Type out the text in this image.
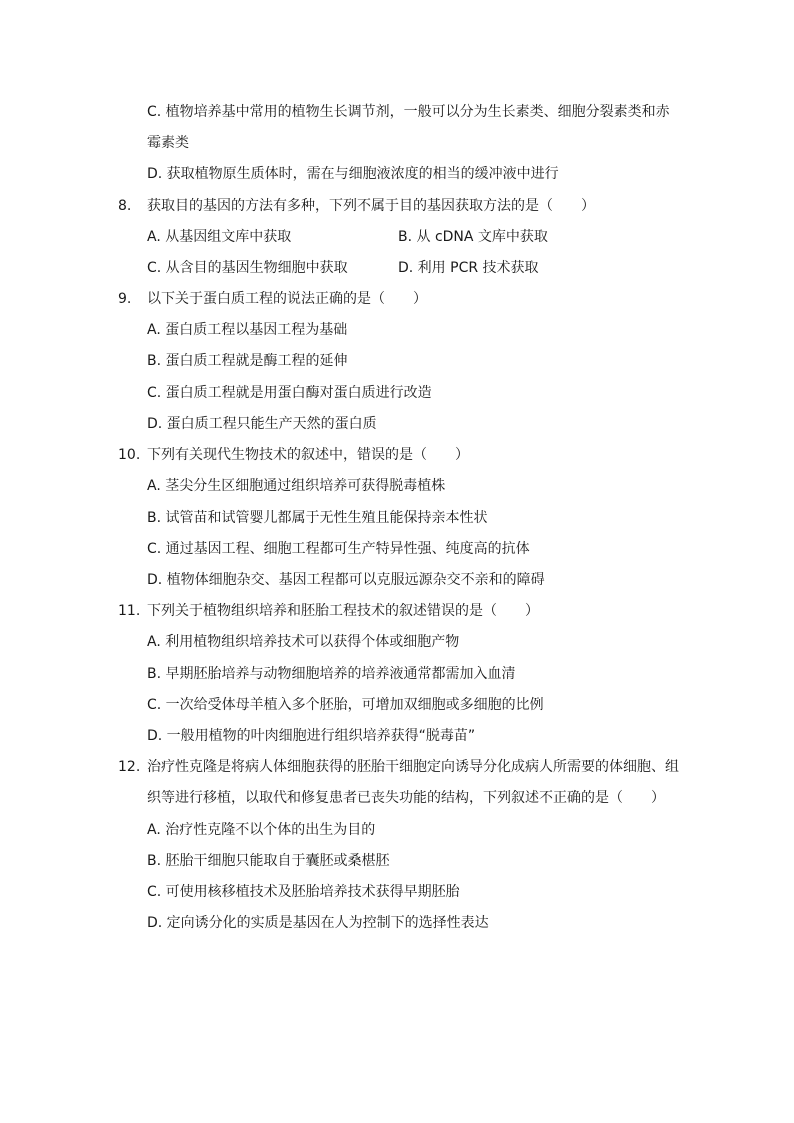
C. 植物培养基中常用的植物生长调节剂，一般可以分为生长素类、细胞分裂素类和赤
霉素类
D. 获取植物原生质体时，需在与细胞液浓度的相当的缓冲液中进行
8. 获取目的基因的方法有多种，下列不属于目的基因获取方法的是（　　）
A. 从基因组文库中获取	B. 从 cDNA 文库中获取
C. 从含目的基因生物细胞中获取	D. 利用 PCR 技术获取
9. 以下关于蛋白质工程的说法正确的是（　　）
A. 蛋白质工程以基因工程为基础
B. 蛋白质工程就是酶工程的延伸
C. 蛋白质工程就是用蛋白酶对蛋白质进行改造
D. 蛋白质工程只能生产天然的蛋白质
10. 下列有关现代生物技术的叙述中，错误的是（　　）
A. 茎尖分生区细胞通过组织培养可获得脱毒植株
B. 试管苗和试管婴儿都属于无性生殖且能保持亲本性状
C. 通过基因工程、细胞工程都可生产特异性强、纯度高的抗体
D. 植物体细胞杂交、基因工程都可以克服远源杂交不亲和的障碍
11. 下列关于植物组织培养和胚胎工程技术的叙述错误的是（　　）
A. 利用植物组织培养技术可以获得个体或细胞产物
B. 早期胚胎培养与动物细胞培养的培养液通常都需加入血清
C. 一次给受体母羊植入多个胚胎，可增加双细胞或多细胞的比例
D. 一般用植物的叶肉细胞进行组织培养获得“脱毒苗”
12. 治疗性克隆是将病人体细胞获得的胚胎干细胞定向诱导分化成病人所需要的体细胞、组
织等进行移植，以取代和修复患者已丧失功能的结构，下列叙述不正确的是（　　）
A. 治疗性克隆不以个体的出生为目的
B. 胚胎干细胞只能取自于囊胚或桑椹胚
C. 可使用核移植技术及胚胎培养技术获得早期胚胎
D. 定向诱分化的实质是基因在人为控制下的选择性表达
